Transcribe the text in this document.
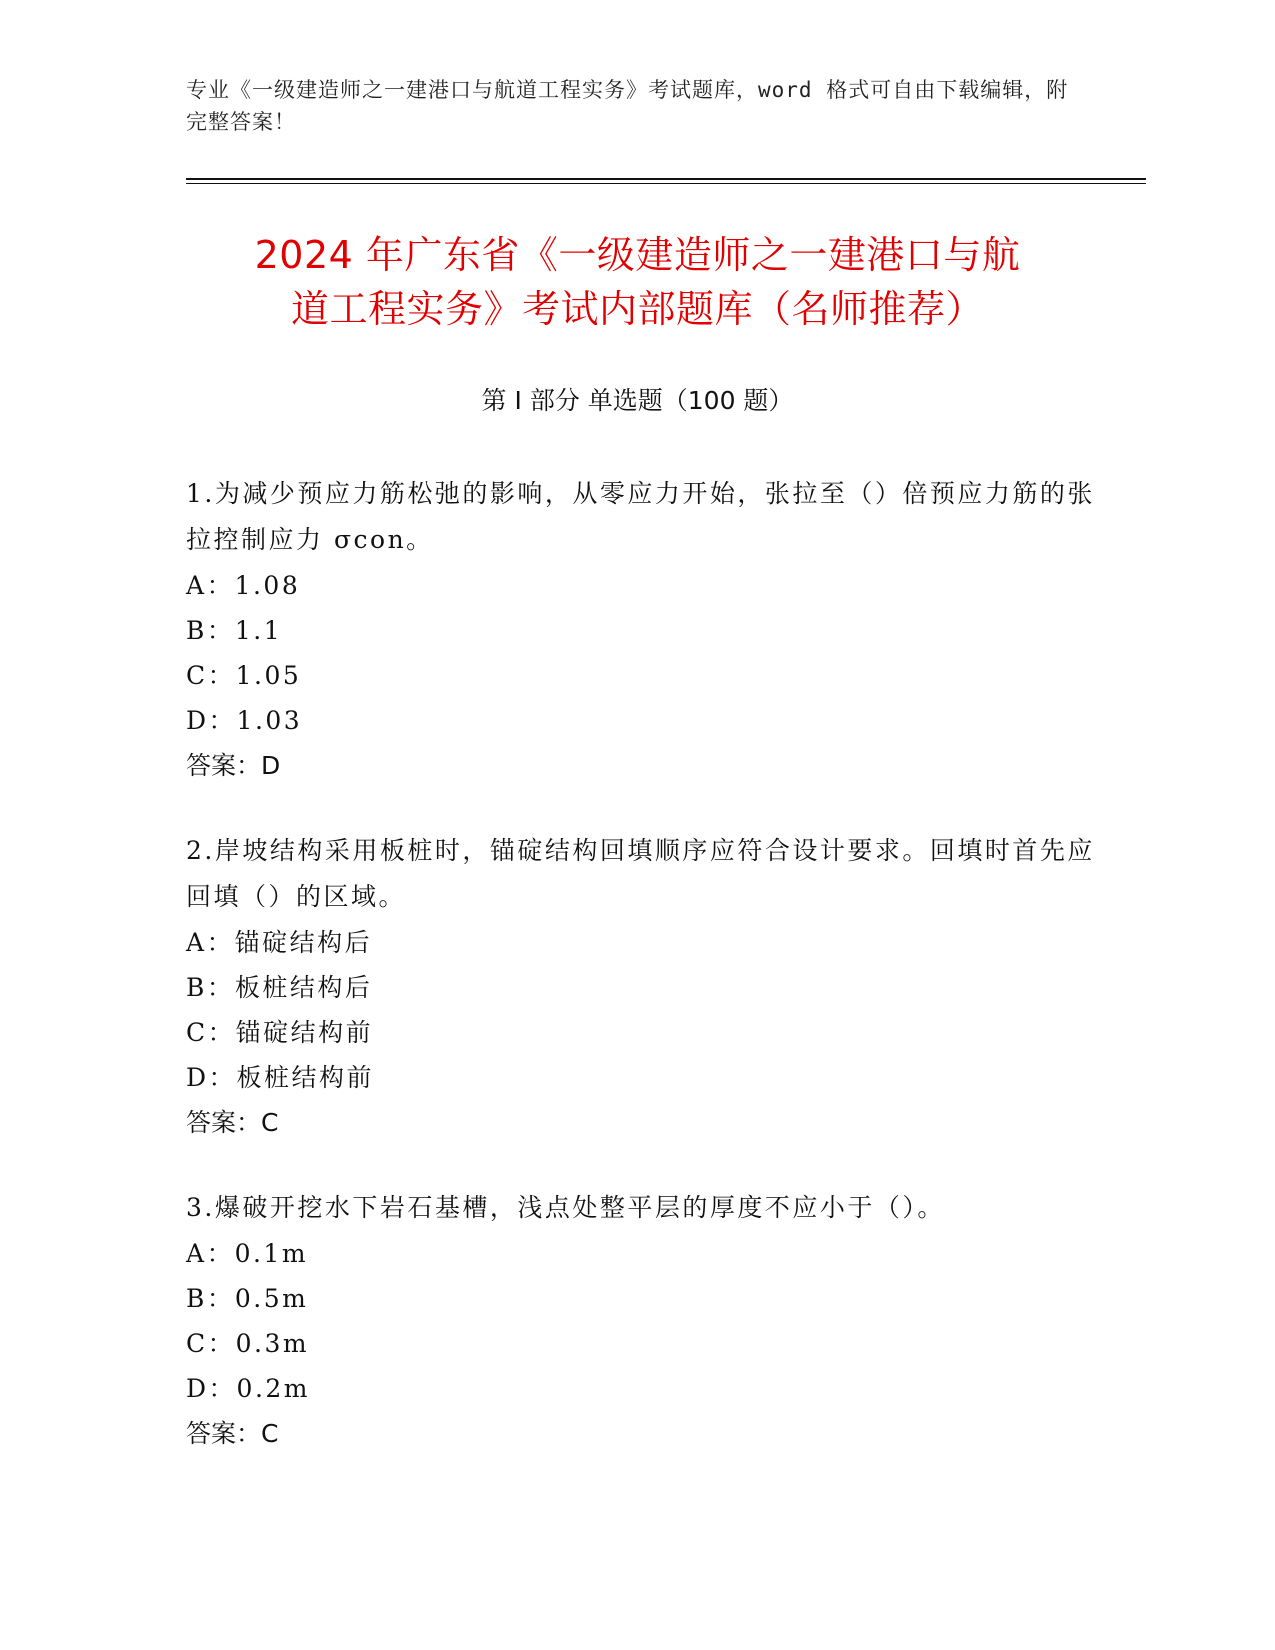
专业《一级建造师之一建港口与航道工程实务》考试题库，word 格式可自由下载编辑，附完整答案！
2024 年广东省《一级建造师之一建港口与航
道工程实务》考试内部题库（名师推荐）
第 I 部分 单选题（100 题）

1.为减少预应力筋松弛的影响，从零应力开始，张拉至（）倍预应力筋的张拉控制应力 σcon。

A ： 1.08

B ： 1.1

C ： 1.05

D ： 1.03

答案：D

2.岸坡结构采用板桩时，锚碇结构回填顺序应符合设计要求。回填时首先应回填（）的区域。

A ： 锚碇结构后

B ： 板桩结构后

C ： 锚碇结构前

D ： 板桩结构前

答案：C

3.爆破开挖水下岩石基槽，浅点处整平层的厚度不应小于（）。

A ： 0.1m

B ： 0.5m

C ： 0.3m

D ： 0.2m

答案：C
